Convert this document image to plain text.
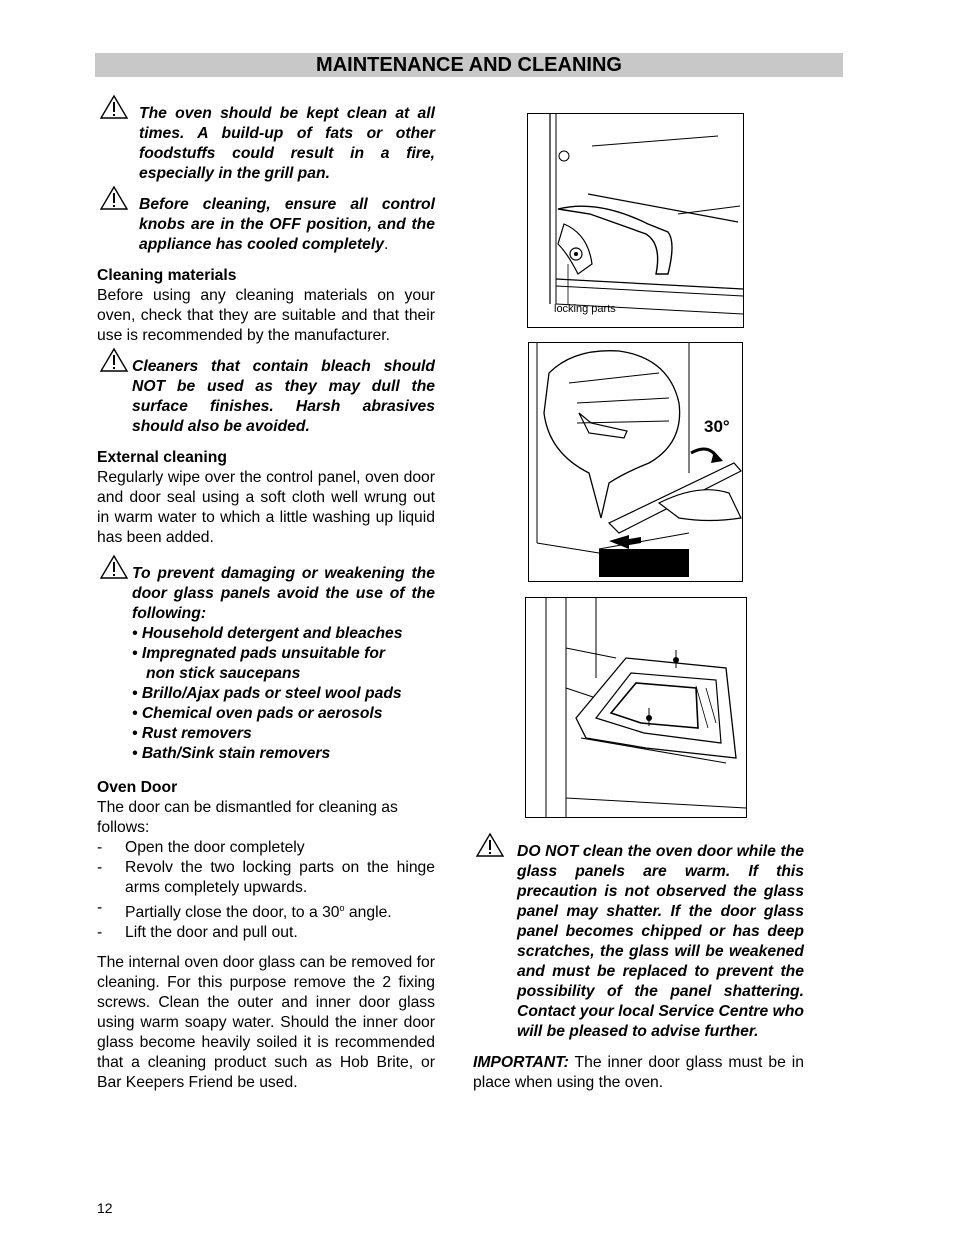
MAINTENANCE AND CLEANING
The oven should be kept clean at all times. A build-up of fats or other foodstuffs could result in a fire, especially in the grill pan.
Before cleaning, ensure all control knobs are in the OFF position, and the appliance has cooled completely.
Cleaning materials
Before using any cleaning materials on your oven, check that they are suitable and that their use is recommended by the manufacturer.
Cleaners that contain bleach should NOT be used as they may dull the surface finishes. Harsh abrasives should also be avoided.
External cleaning
Regularly wipe over the control panel, oven door and door seal using a soft cloth well wrung out in warm water to which a little washing up liquid has been added.
To prevent damaging or weakening the door glass panels avoid the use of the following:
• Household detergent and bleaches
• Impregnated pads unsuitable for
non stick saucepans
• Brillo/Ajax pads or steel wool pads
• Chemical oven pads or aerosols
• Rust removers
• Bath/Sink stain removers
Oven Door
The door can be dismantled for cleaning as follows:
- Open the door completely
- Revolv the two locking parts on the hinge arms completely upwards.
- Partially close the door, to a 30$^o$ angle.
- Lift the door and pull out.
The internal oven door glass can be removed for cleaning. For this purpose remove the 2 fixing screws. Clean the outer and inner door glass using warm soapy water. Should the inner door glass become heavily soiled it is recommended that a cleaning product such as Hob Brite, or Bar Keepers Friend be used.
locking parts
30°
DO NOT clean the oven door while the glass panels are warm. If this precaution is not observed the glass panel may shatter. If the door glass panel becomes chipped or has deep scratches, the glass will be weakened and must be replaced to prevent the possibility of the panel shattering. Contact your local Service Centre who will be pleased to advise further.
IMPORTANT: The inner door glass must be in place when using the oven.
12
